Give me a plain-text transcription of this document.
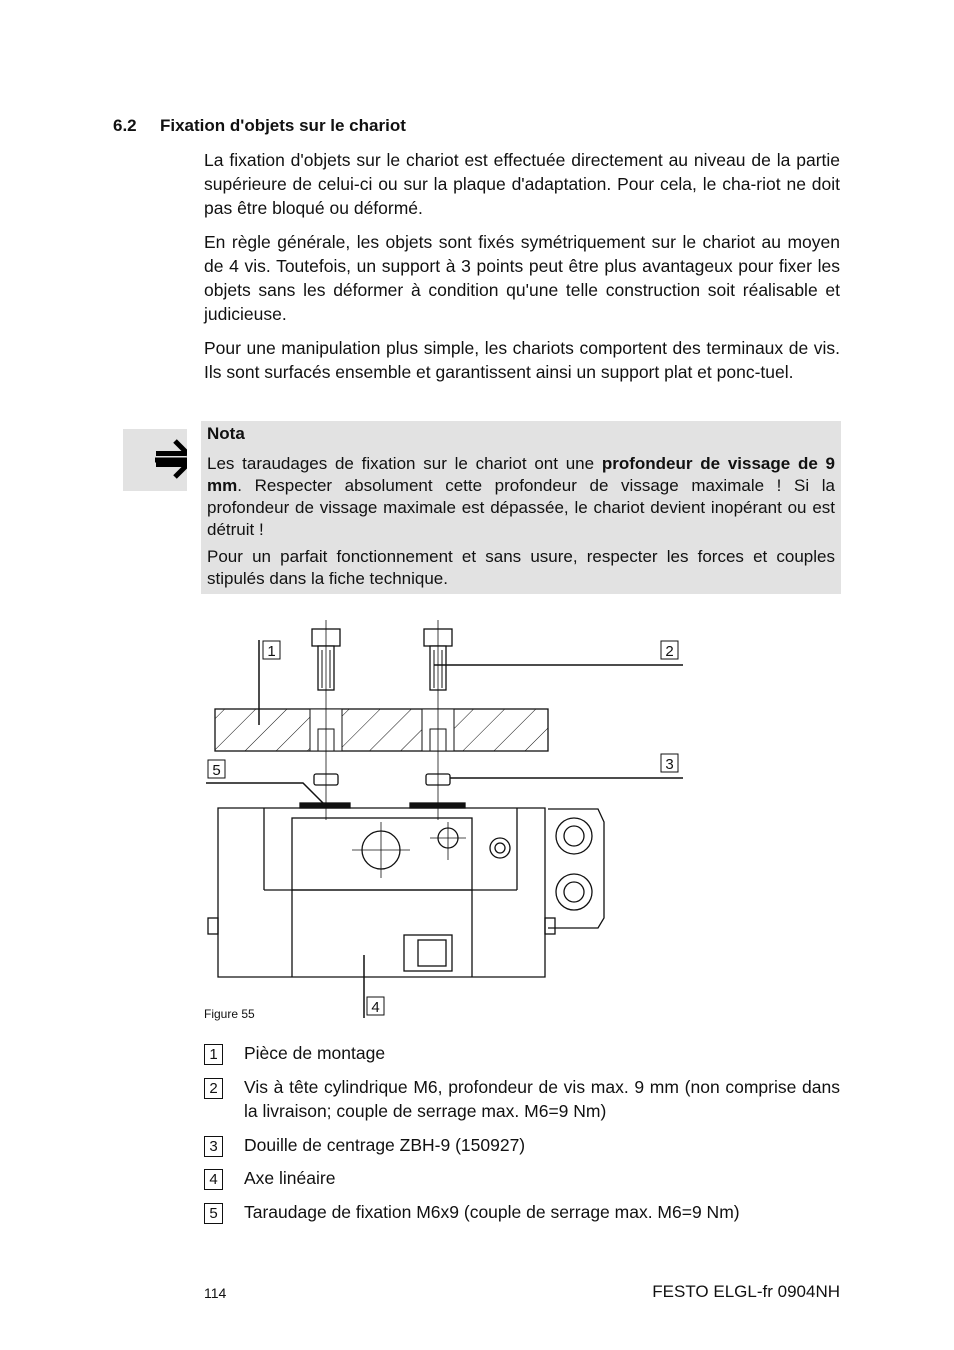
6.2 Fixation d'objets sur le chariot

La fixation d'objets sur le chariot est effectuée directement au niveau de la partie supérieure de celui-ci ou sur la plaque d'adaptation. Pour cela, le cha-riot ne doit pas être bloqué ou déformé.

En règle générale, les objets sont fixés symétriquement sur le chariot au moyen de 4 vis. Toutefois, un support à 3 points peut être plus avantageux pour fixer les objets sans les déformer à condition qu'une telle construction soit réalisable et judicieuse.

Pour une manipulation plus simple, les chariots comportent des terminaux de vis. Ils sont surfacés ensemble et garantissent ainsi un support plat et ponc-tuel.

Nota

Les taraudages de fixation sur le chariot ont une profondeur de vissage de 9 mm. Respecter absolument cette profondeur de vissage maximale ! Si la profondeur de vissage maximale est dépassée, le chariot devient inopérant ou est détruit !

Pour un parfait fonctionnement et sans usure, respecter les forces et couples stipulés dans la fiche technique.

1	2
3
4
5
Figure 55
1	Pièce de montage
2	Vis à tête cylindrique M6, profondeur de vis max. 9 mm (non comprise dans la livraison; couple de serrage max. M6=9 Nm)
3	Douille de centrage ZBH-9 (150927)
4	Axe linéaire
5	Taraudage de fixation M6x9 (couple de serrage max. M6=9 Nm)
114	FESTO ELGL-fr 0904NH
